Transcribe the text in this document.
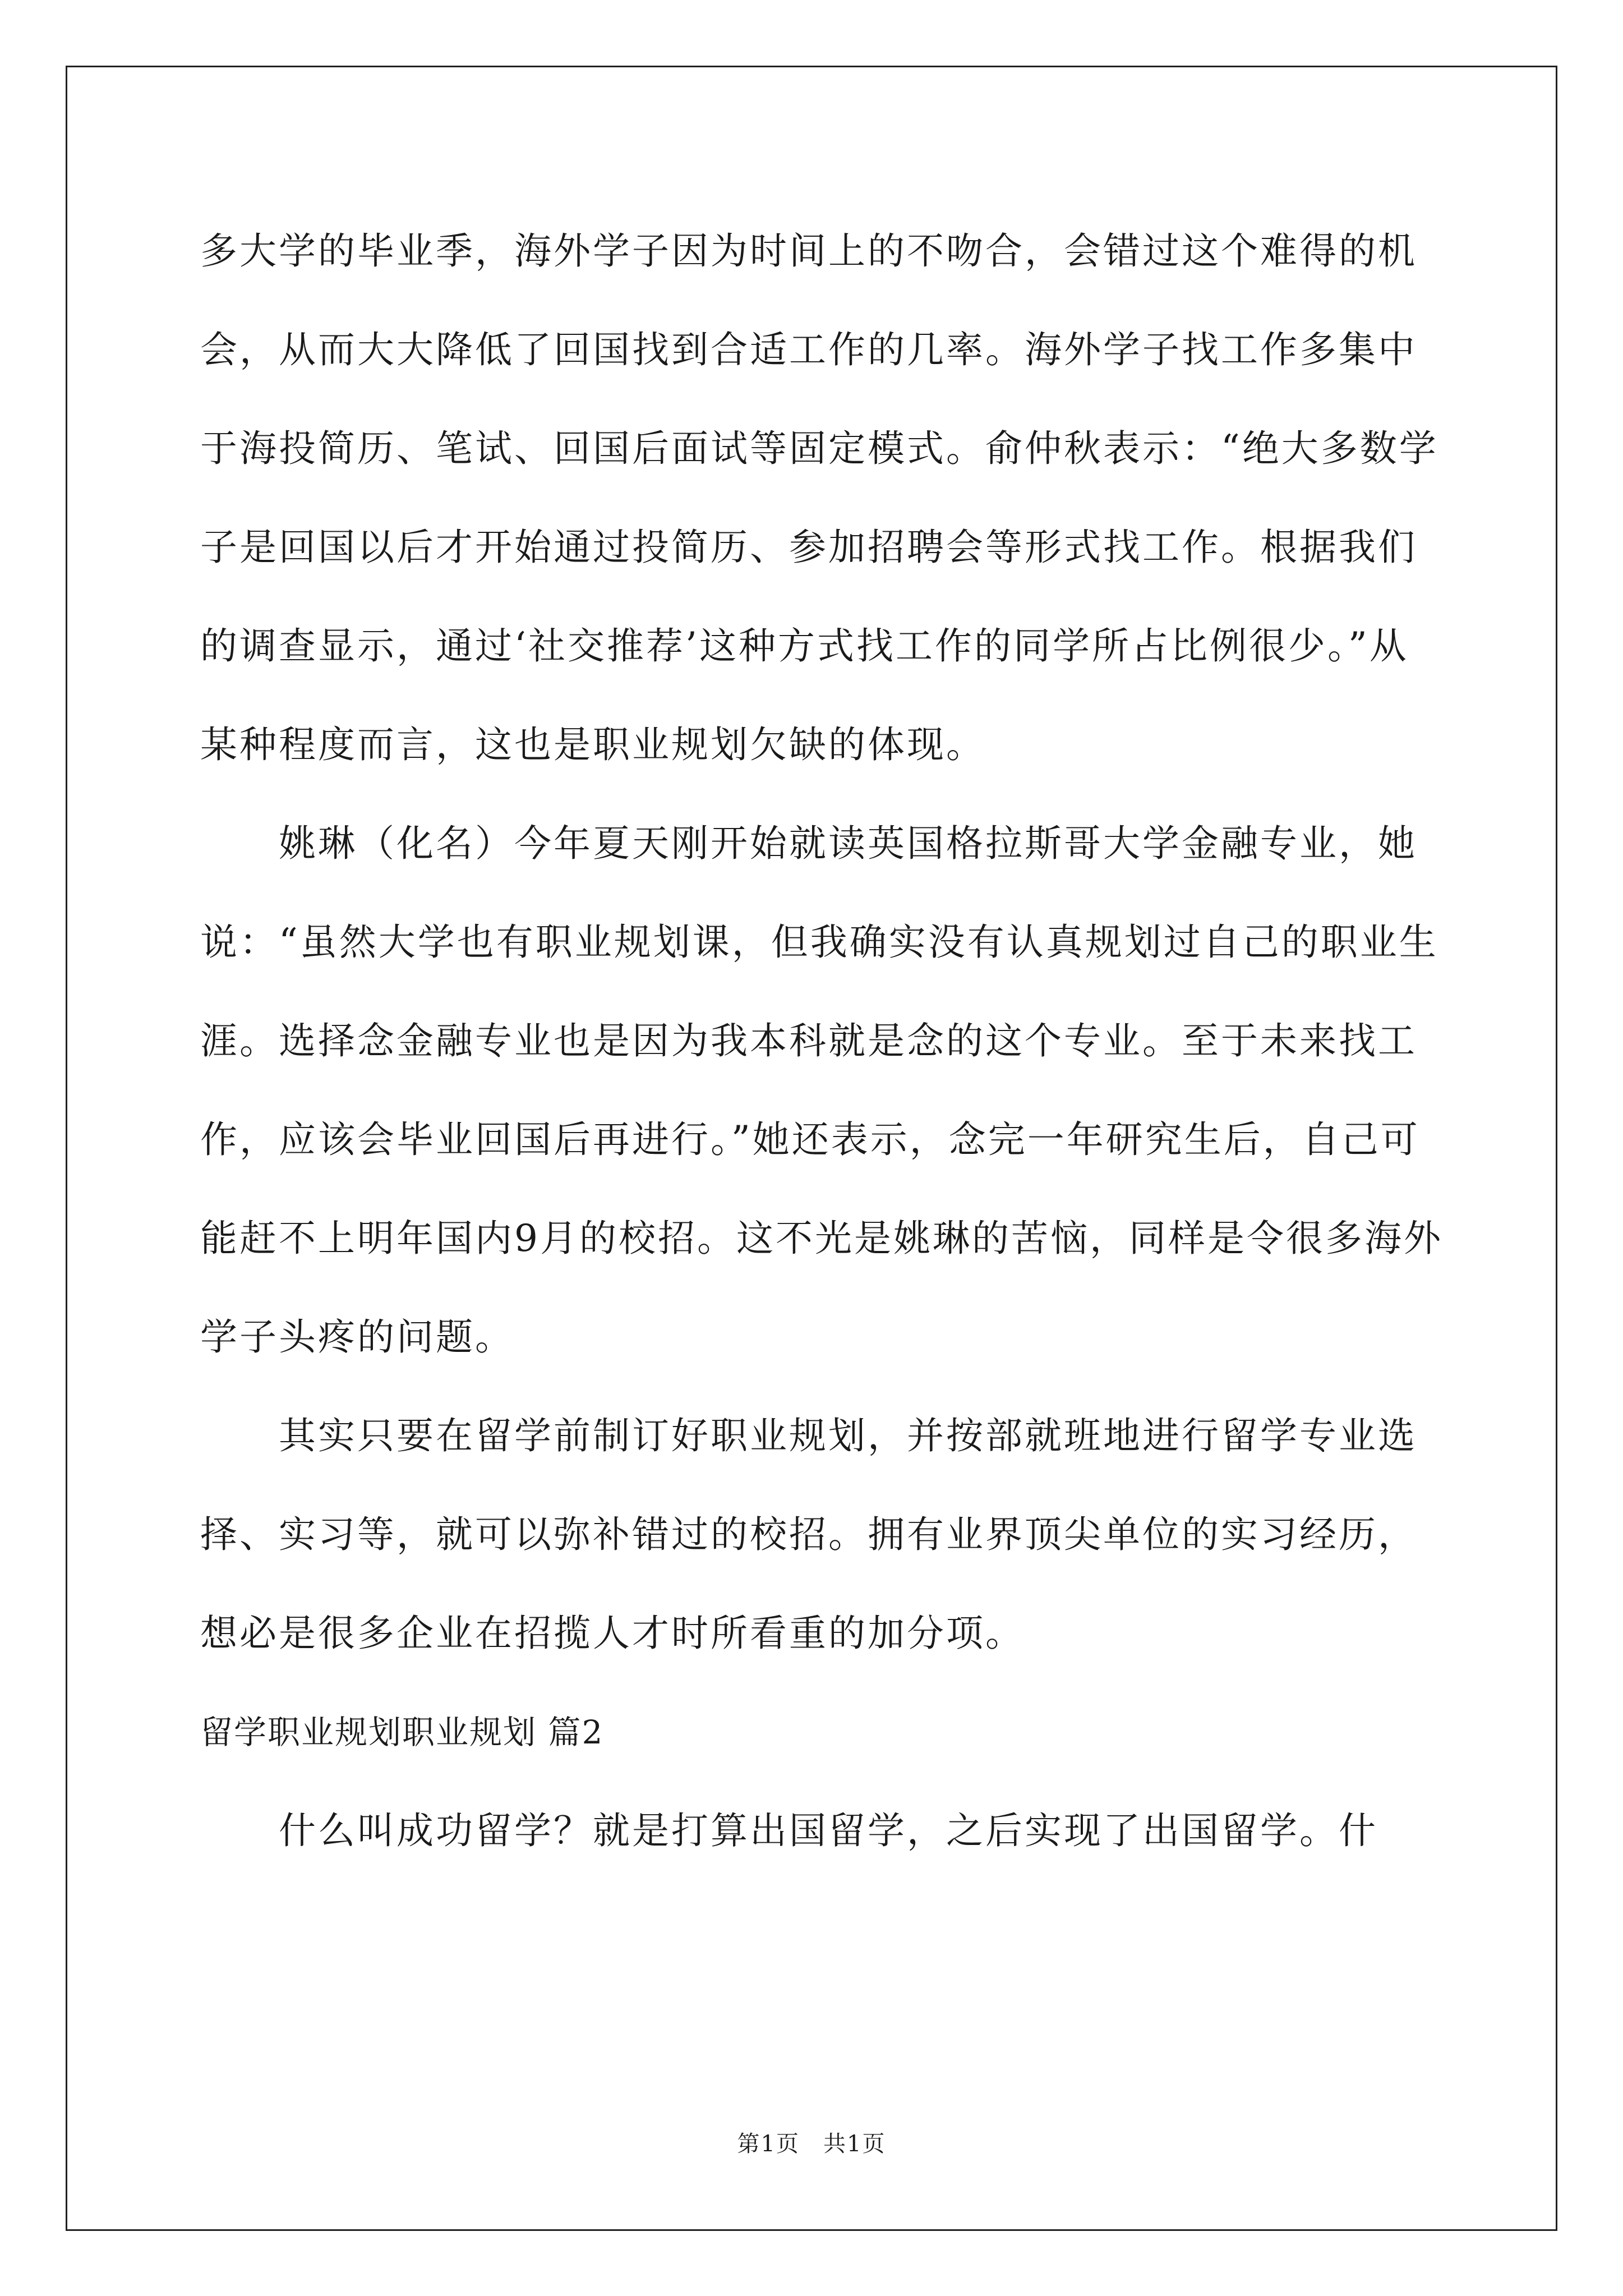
多大学的毕业季，海外学子因为时间上的不吻合，会错过这个难得的机会，从而大大降低了回国找到合适工作的几率。海外学子找工作多集中于海投简历、笔试、回国后面试等固定模式。俞仲秋表示：“绝大多数学子是回国以后才开始通过投简历、参加招聘会等形式找工作。根据我们的调查显示，通过‘社交推荐’这种方式找工作的同学所占比例很少。”从某种程度而言，这也是职业规划欠缺的体现。

姚琳（化名）今年夏天刚开始就读英国格拉斯哥大学金融专业，她说：“虽然大学也有职业规划课，但我确实没有认真规划过自己的职业生涯。选择念金融专业也是因为我本科就是念的这个专业。至于未来找工作，应该会毕业回国后再进行。”她还表示，念完一年研究生后，自己可能赶不上明年国内9月的校招。这不光是姚琳的苦恼，同样是令很多海外学子头疼的问题。

其实只要在留学前制订好职业规划，并按部就班地进行留学专业选择、实习等，就可以弥补错过的校招。拥有业界顶尖单位的实习经历，想必是很多企业在招揽人才时所看重的加分项。

留学职业规划职业规划 篇2

什么叫成功留学？就是打算出国留学，之后实现了出国留学。什

第1页　共1页
